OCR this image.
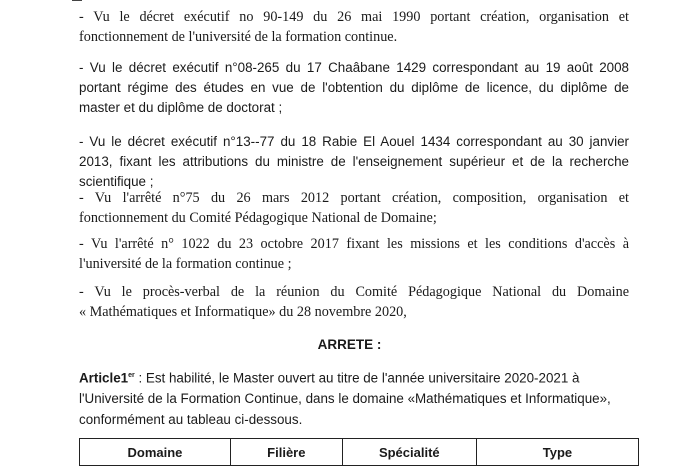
- Vu le décret exécutif no 90-149 du 26 mai 1990 portant création, organisation et
fonctionnement de l'université de la formation continue.

- Vu le décret exécutif n°08-265 du 17 Chaâbane 1429 correspondant au 19 août 2008
portant régime des études en vue de l'obtention du diplôme de licence, du diplôme de
master et du diplôme de doctorat ;

- Vu le décret exécutif n°13--77 du 18 Rabie El Aouel 1434 correspondant au 30 janvier
2013, fixant les attributions du ministre de l'enseignement supérieur et de la recherche
scientifique ;

- Vu l'arrêté n°75 du 26 mars 2012 portant création, composition, organisation et
fonctionnement du Comité Pédagogique National de Domaine;

- Vu l'arrêté n° 1022 du 23 octobre 2017 fixant les missions et les conditions d'accès à
l'université de la formation continue ;

- Vu le procès-verbal de la réunion du Comité Pédagogique National du Domaine
« Mathématiques et Informatique» du 28 novembre 2020,

ARRETE :

Article1er : Est habilité, le Master ouvert au titre de l'année universitaire 2020-2021 à
l'Université de la Formation Continue, dans le domaine «Mathématiques et Informatique»,
conformément au tableau ci-dessous.

Domaine	Filière	Spécialité	Type
